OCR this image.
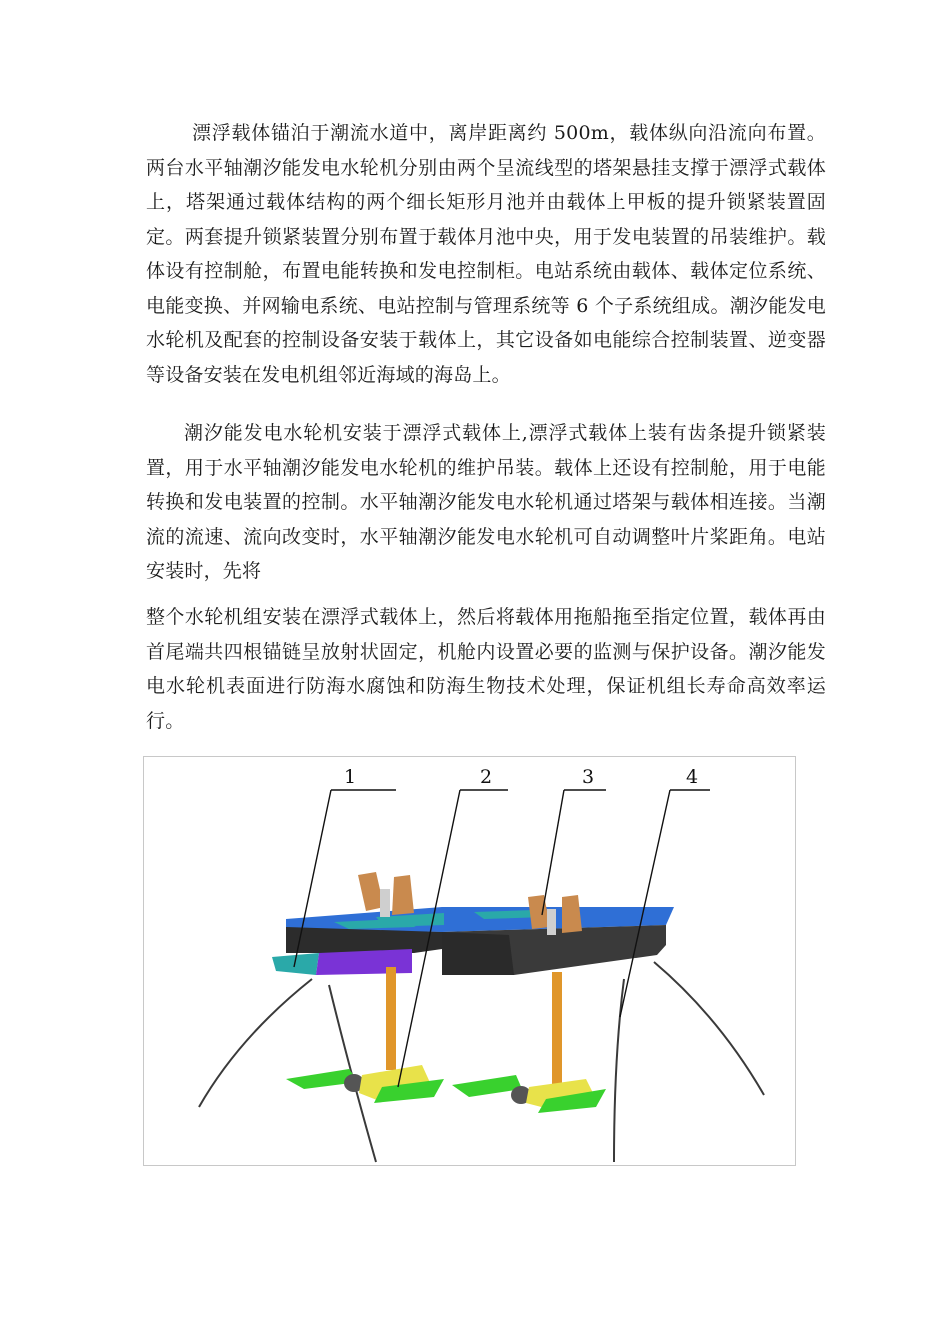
漂浮载体锚泊于潮流水道中，离岸距离约 500m，载体纵向沿流向布置。两台水平轴潮汐能发电水轮机分别由两个呈流线型的塔架悬挂支撑于漂浮式载体上，塔架通过载体结构的两个细长矩形月池并由载体上甲板的提升锁紧装置固定。两套提升锁紧装置分别布置于载体月池中央，用于发电装置的吊装维护。载体设有控制舱，布置电能转换和发电控制柜。电站系统由载体、载体定位系统、电能变换、并网输电系统、电站控制与管理系统等 6 个子系统组成。潮汐能发电水轮机及配套的控制设备安装于载体上，其它设备如电能综合控制装置、逆变器等设备安装在发电机组邻近海域的海岛上。

潮汐能发电水轮机安装于漂浮式载体上,漂浮式载体上装有齿条提升锁紧装置，用于水平轴潮汐能发电水轮机的维护吊装。载体上还设有控制舱，用于电能转换和发电装置的控制。水平轴潮汐能发电水轮机通过塔架与载体相连接。当潮流的流速、流向改变时，水平轴潮汐能发电水轮机可自动调整叶片桨距角。电站安装时，先将

整个水轮机组安装在漂浮式载体上，然后将载体用拖船拖至指定位置，载体再由首尾端共四根锚链呈放射状固定，机舱内设置必要的监测与保护设备。潮汐能发电水轮机表面进行防海水腐蚀和防海生物技术处理，保证机组长寿命高效率运行。

1	2	3	4
